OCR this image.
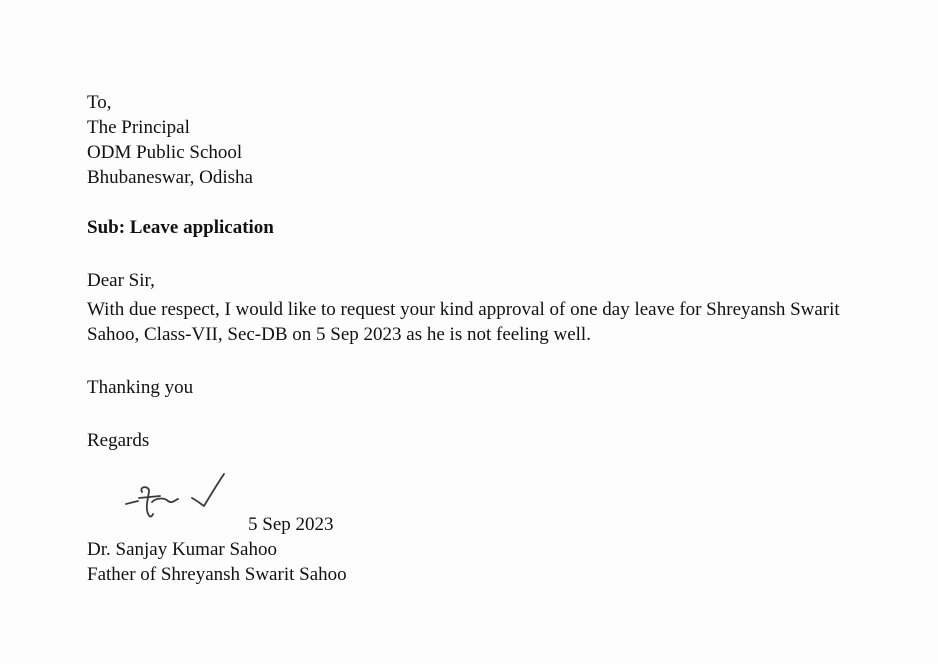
To,
The Principal
ODM Public School
Bhubaneswar, Odisha
Sub: Leave application
Dear Sir,
With due respect, I would like to request your kind approval of one day leave for Shreyansh Swarit
Sahoo, Class-VII, Sec-DB on 5 Sep 2023 as he is not feeling well.
Thanking you
Regards
5 Sep 2023
Dr. Sanjay Kumar Sahoo
Father of Shreyansh Swarit Sahoo
